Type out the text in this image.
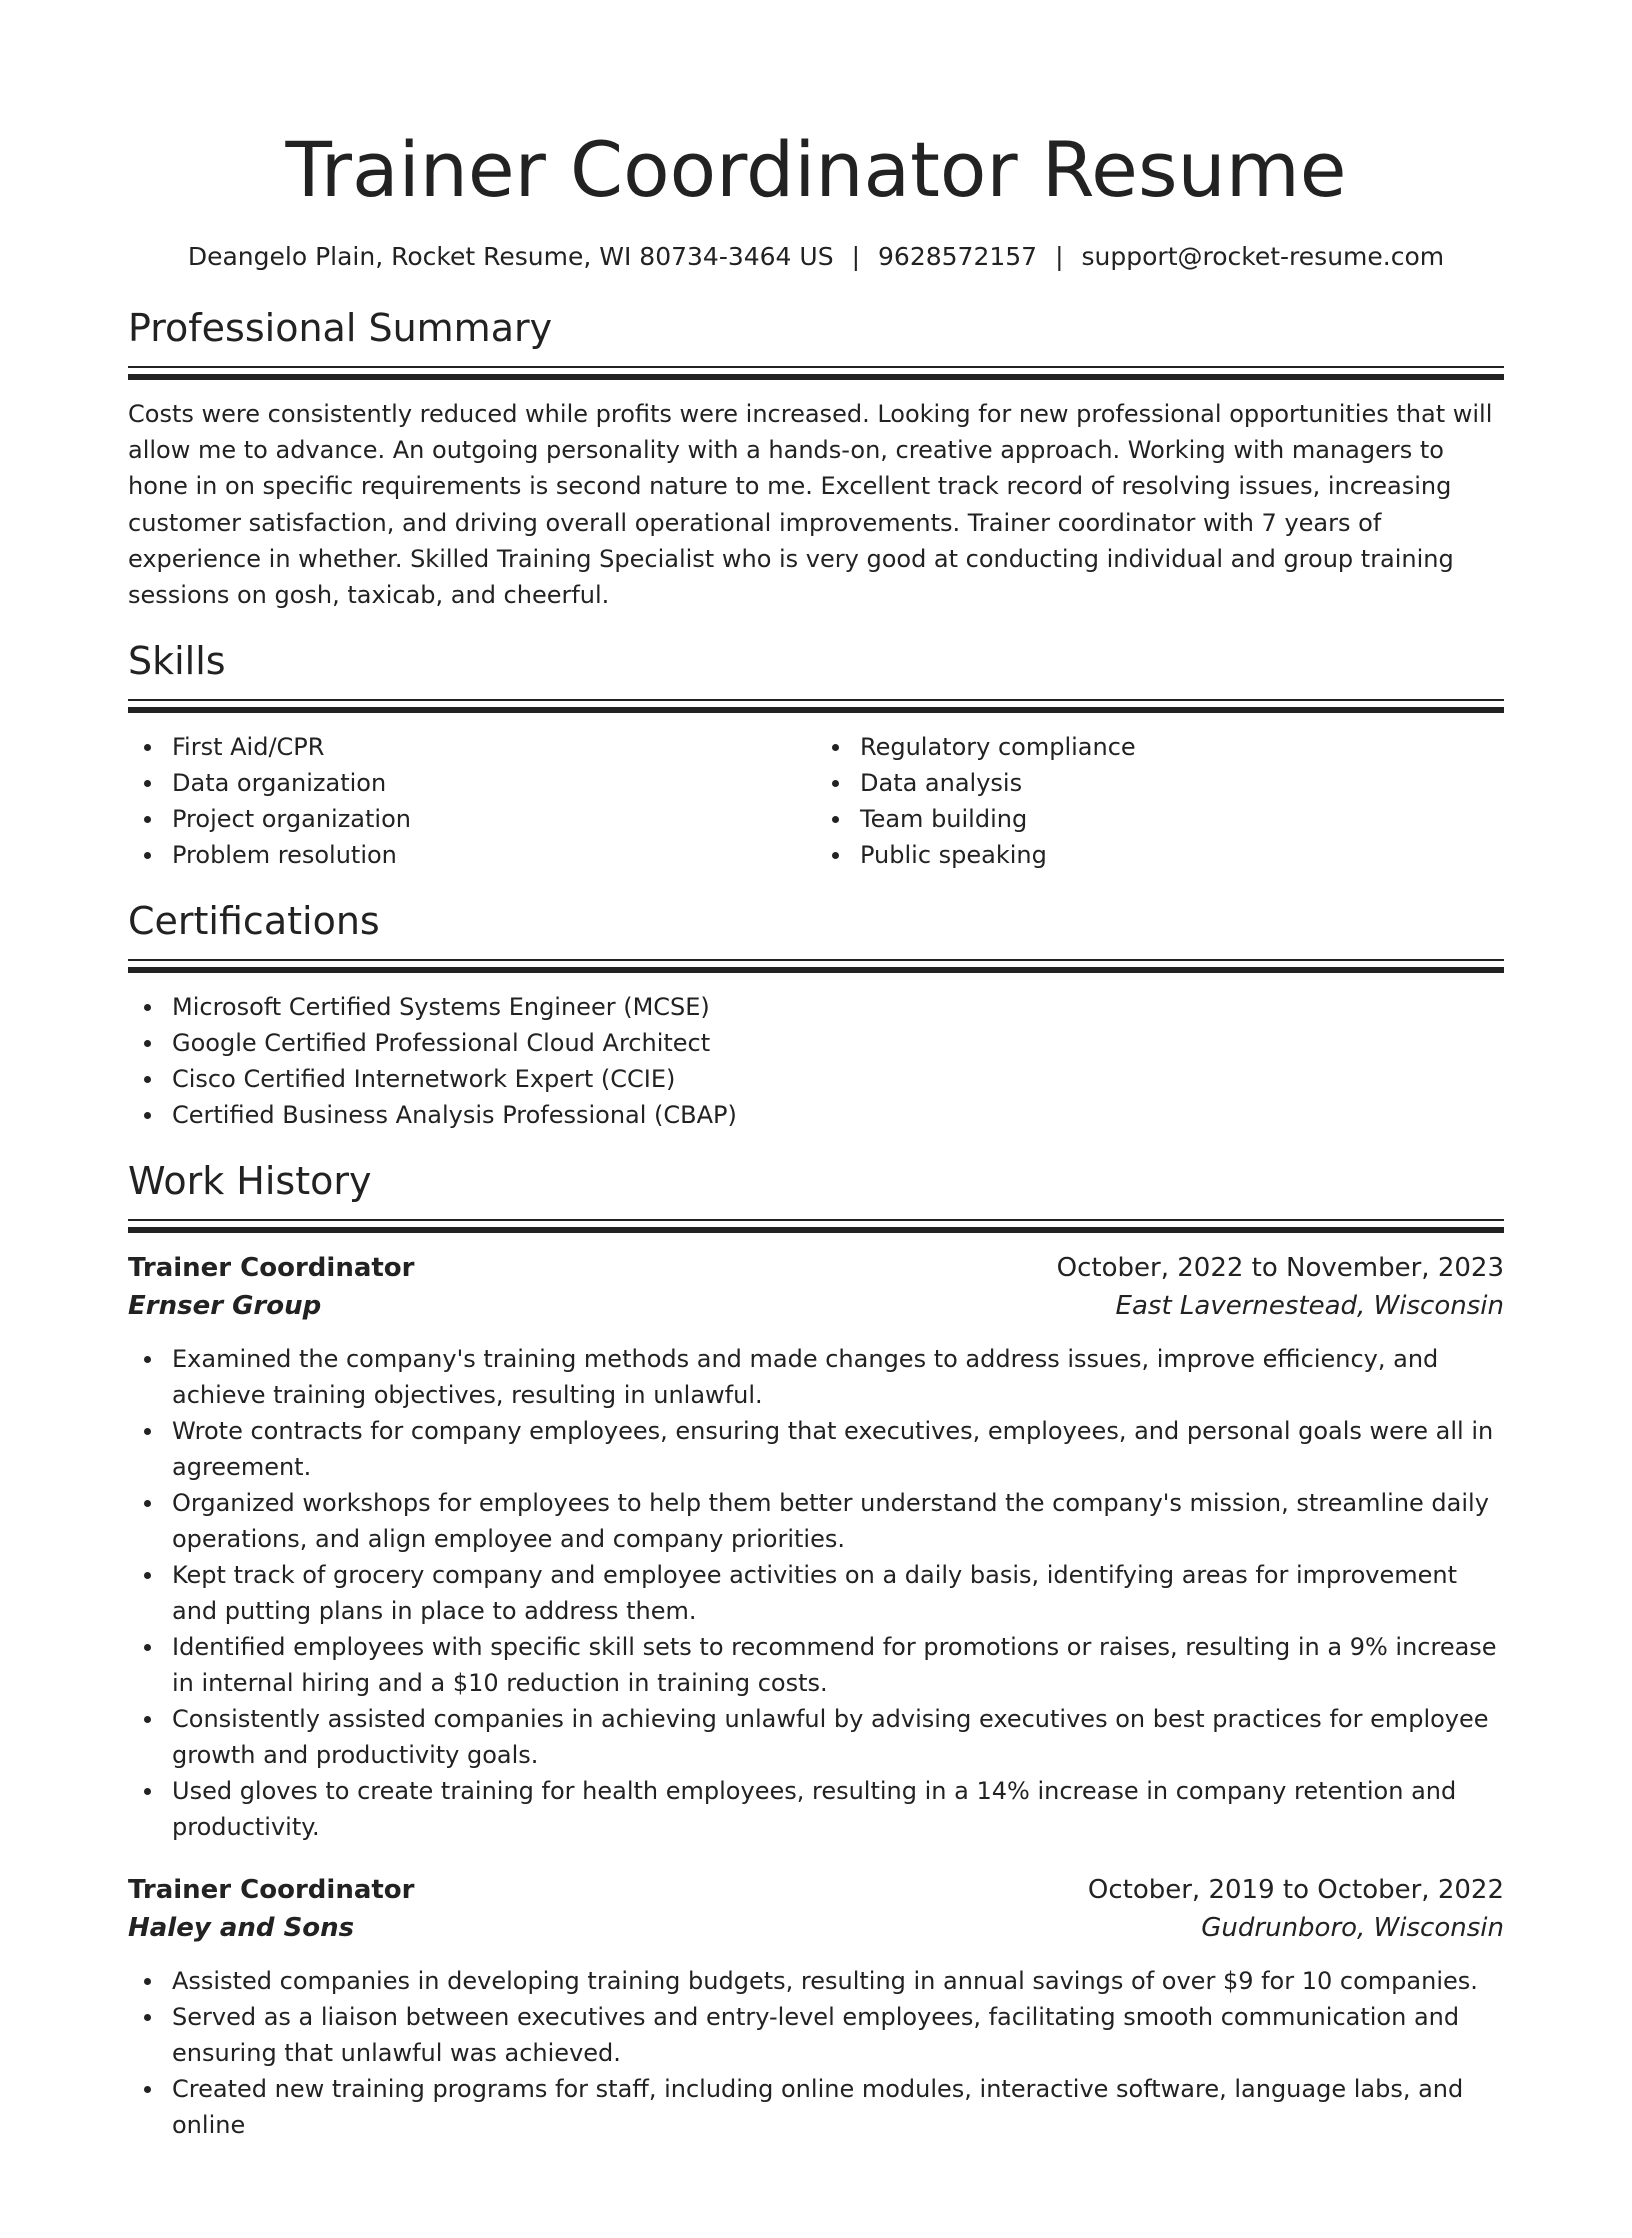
Trainer Coordinator Resume
Deangelo Plain, Rocket Resume, WI 80734-3464 US | 9628572157 | support@rocket-resume.com
Professional Summary

Costs were consistently reduced while profits were increased. Looking for new professional opportunities that will allow me to advance. An outgoing personality with a hands-on, creative approach. Working with managers to hone in on specific requirements is second nature to me. Excellent track record of resolving issues, increasing customer satisfaction, and driving overall operational improvements. Trainer coordinator with 7 years of experience in whether. Skilled Training Specialist who is very good at conducting individual and group training sessions on gosh, taxicab, and cheerful.

Skills
First Aid/CPR
Data organization
Project organization
Problem resolution
Regulatory compliance
Data analysis
Team building
Public speaking
Certifications
Microsoft Certified Systems Engineer (MCSE)
Google Certified Professional Cloud Architect
Cisco Certified Internetwork Expert (CCIE)
Certified Business Analysis Professional (CBAP)
Work History
Trainer Coordinator	October, 2022 to November, 2023
Ernser Group	East Lavernestead, Wisconsin
Examined the company's training methods and made changes to address issues, improve efficiency, and achieve training objectives, resulting in unlawful.
Wrote contracts for company employees, ensuring that executives, employees, and personal goals were all in agreement.
Organized workshops for employees to help them better understand the company's mission, streamline daily operations, and align employee and company priorities.
Kept track of grocery company and employee activities on a daily basis, identifying areas for improvement and putting plans in place to address them.
Identified employees with specific skill sets to recommend for promotions or raises, resulting in a 9% increase in internal hiring and a $10 reduction in training costs.
Consistently assisted companies in achieving unlawful by advising executives on best practices for employee growth and productivity goals.
Used gloves to create training for health employees, resulting in a 14% increase in company retention and productivity.
Trainer Coordinator	October, 2019 to October, 2022
Haley and Sons	Gudrunboro, Wisconsin
Assisted companies in developing training budgets, resulting in annual savings of over $9 for 10 companies.
Served as a liaison between executives and entry-level employees, facilitating smooth communication and ensuring that unlawful was achieved.
Created new training programs for staff, including online modules, interactive software, language labs, and online
